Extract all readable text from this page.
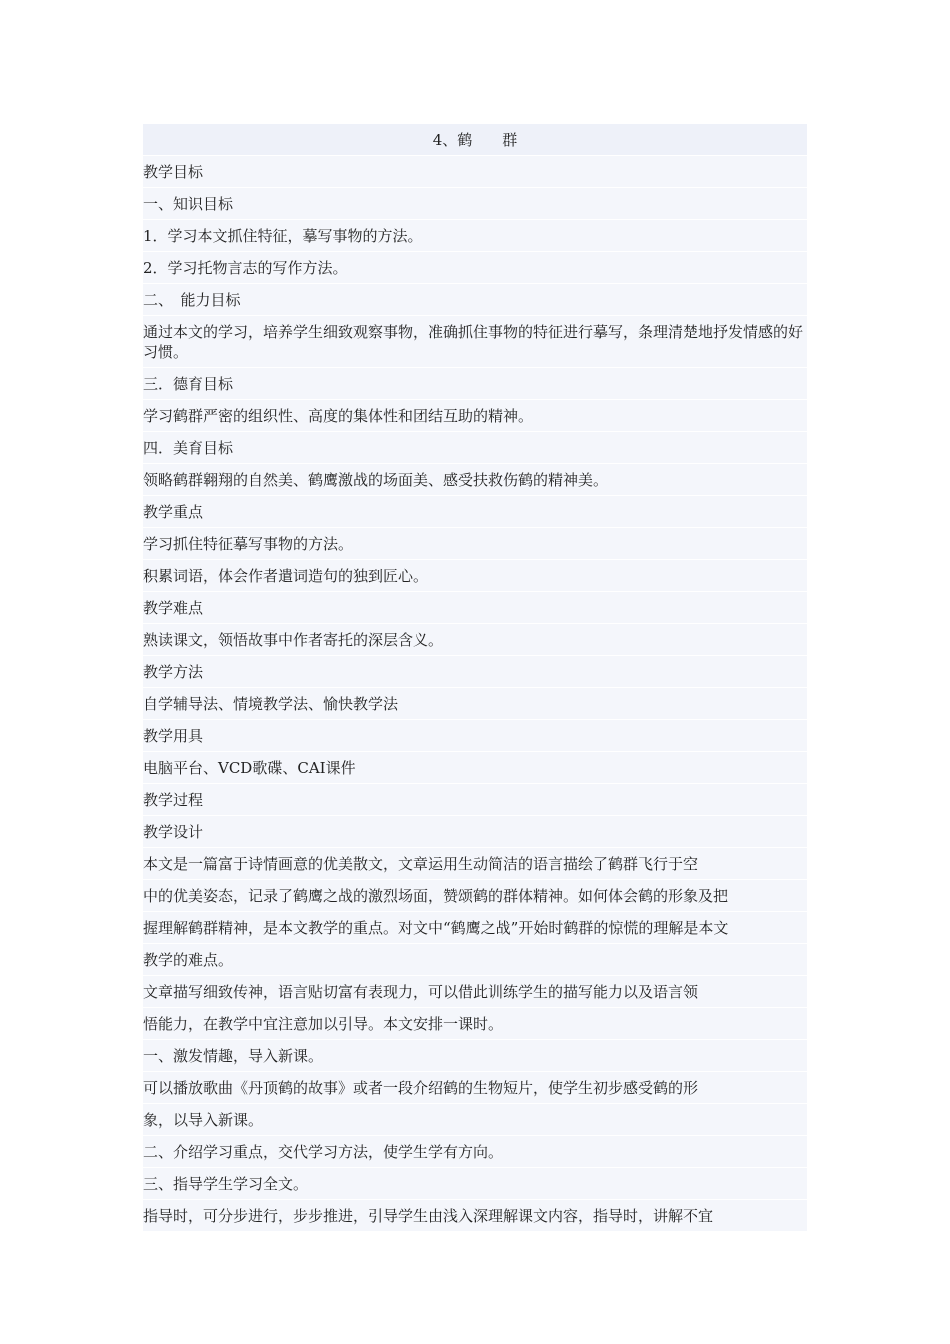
4、鹤　　群
教学目标
一、知识目标
1．学习本文抓住特征，摹写事物的方法。
2．学习托物言志的写作方法。
二、　能力目标
通过本文的学习，培养学生细致观察事物，准确抓住事物的特征进行摹写，条理清楚地抒发情感的好习惯。
三．德育目标
学习鹤群严密的组织性、高度的集体性和团结互助的精神。
四．美育目标
领略鹤群翱翔的自然美、鹤鹰激战的场面美、感受扶救伤鹤的精神美。
教学重点
学习抓住特征摹写事物的方法。
积累词语，体会作者遣词造句的独到匠心。
教学难点
熟读课文，领悟故事中作者寄托的深层含义。
教学方法
自学辅导法、情境教学法、愉快教学法
教学用具
电脑平台、VCD歌碟、CAI课件
教学过程
教学设计
本文是一篇富于诗情画意的优美散文，文章运用生动简洁的语言描绘了鹤群飞行于空
中的优美姿态，记录了鹤鹰之战的激烈场面，赞颂鹤的群体精神。如何体会鹤的形象及把
握理解鹤群精神，是本文教学的重点。对文中“鹤鹰之战”开始时鹤群的惊慌的理解是本文
教学的难点。
文章描写细致传神，语言贴切富有表现力，可以借此训练学生的描写能力以及语言领
悟能力，在教学中宜注意加以引导。本文安排一课时。
一、激发情趣，导入新课。
可以播放歌曲《丹顶鹤的故事》或者一段介绍鹤的生物短片，使学生初步感受鹤的形
象，以导入新课。
二、介绍学习重点，交代学习方法，使学生学有方向。
三、指导学生学习全文。
指导时，可分步进行，步步推进，引导学生由浅入深理解课文内容，指导时，讲解不宜
